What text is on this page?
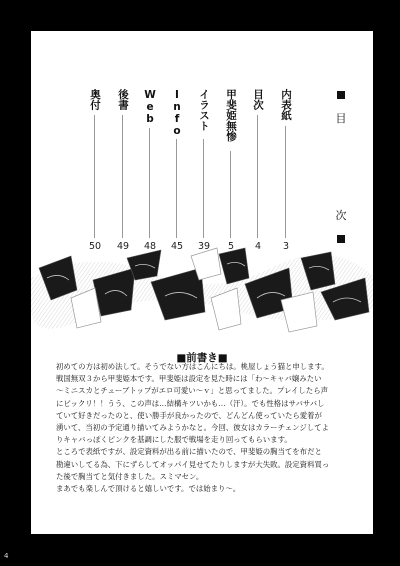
目
次
内表紙
3
目次
4
甲斐姫無惨
5
イラスト
39
Info
45
Web
48
後書
49
奥付
50
■前書き■

初めての方は初め法して。そうでない方はこんにちは。桃屋しょう猫と申します。

戦国無双３から甲斐姫本です。甲斐姫は設定を見た時には「わ～キャバ嬢みたい

～ミニスカとチューブトップがエロ可愛い～ｖ」と思ってました。プレイしたら声

にビックリ！！うう、この声は…結構キツいかも…（汗）。でも性格はサバサバし

ていて好きだったのと、使い勝手が良かったので、どんどん使っていたら愛着が

湧いて、当初の予定通り描いてみようかなと。今回、彼女はカラーチェンジしてよ

りキャバっぽくピンクを基調にした服で戦場を走り回ってもらいます。

ところで表紙ですが、設定資料が出る前に描いたので、甲斐姫の胸当てを布だと

勘違いしてる為、下にずらしてオッパイ見せてたりしますが大失敗。設定資料買っ

た後で胸当てと気付きました。スミマセン。

まあでも楽しんで頂けると嬉しいです。では始まり～。

4
